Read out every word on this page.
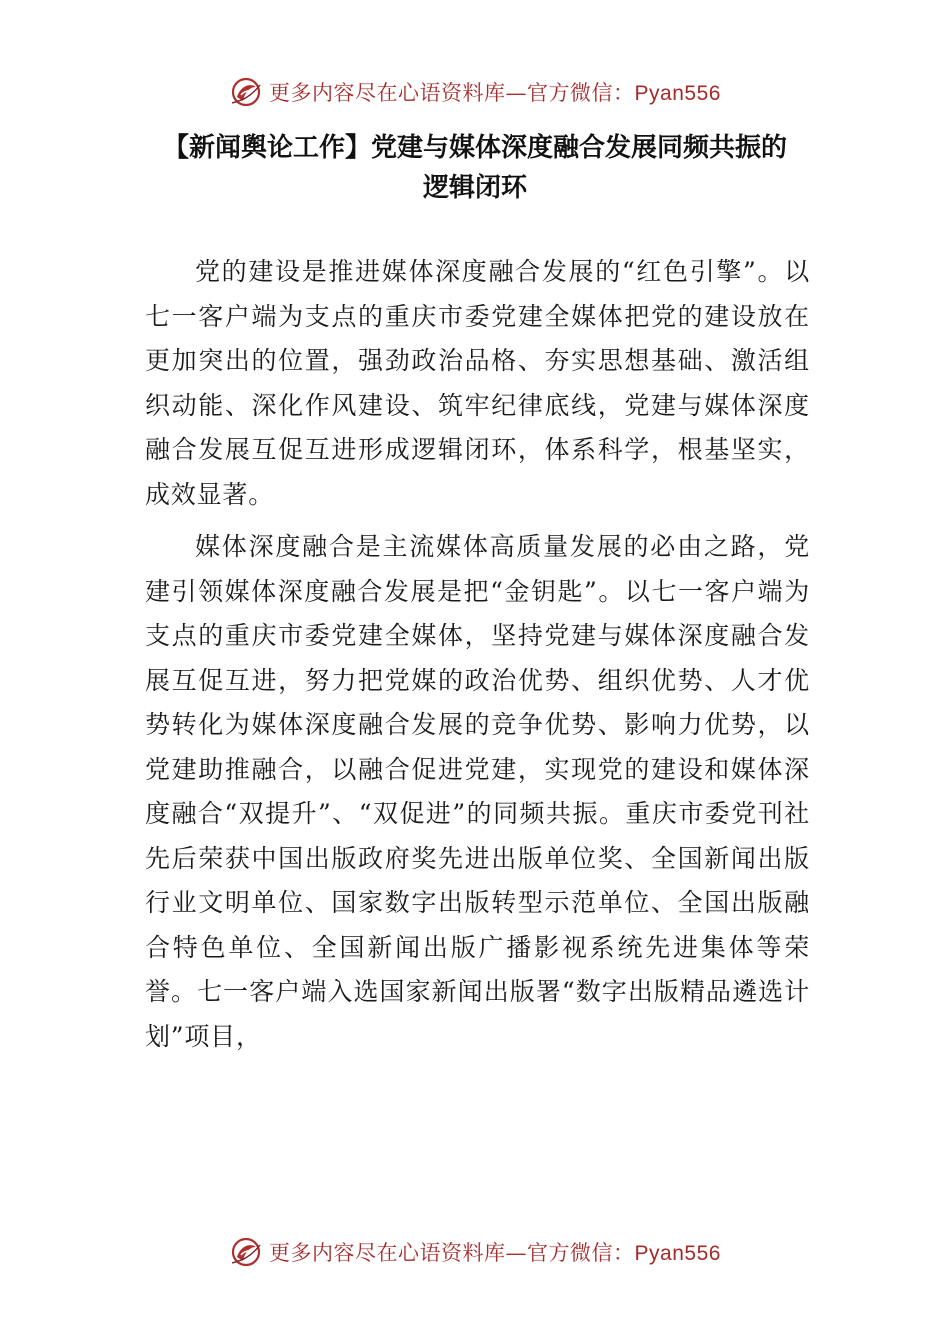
更多内容尽在心语资料库—官方微信：Pyan556
【新闻舆论工作】党建与媒体深度融合发展同频共振的
逻辑闭环

党的建设是推进媒体深度融合发展的“红色引擎”。以七一客户端为支点的重庆市委党建全媒体把党的建设放在更加突出的位置，强劲政治品格、夯实思想基础、激活组织动能、深化作风建设、筑牢纪律底线，党建与媒体深度融合发展互促互进形成逻辑闭环，体系科学，根基坚实，成效显著。

媒体深度融合是主流媒体高质量发展的必由之路，党建引领媒体深度融合发展是把“金钥匙”。以七一客户端为支点的重庆市委党建全媒体，坚持党建与媒体深度融合发展互促互进，努力把党媒的政治优势、组织优势、人才优势转化为媒体深度融合发展的竞争优势、影响力优势，以党建助推融合，以融合促进党建，实现党的建设和媒体深度融合“双提升”、“双促进”的同频共振。重庆市委党刊社先后荣获中国出版政府奖先进出版单位奖、全国新闻出版行业文明单位、国家数字出版转型示范单位、全国出版融合特色单位、全国新闻出版广播影视系统先进集体等荣誉。七一客户端入选国家新闻出版署“数字出版精品遴选计划”项目，

更多内容尽在心语资料库—官方微信：Pyan556
